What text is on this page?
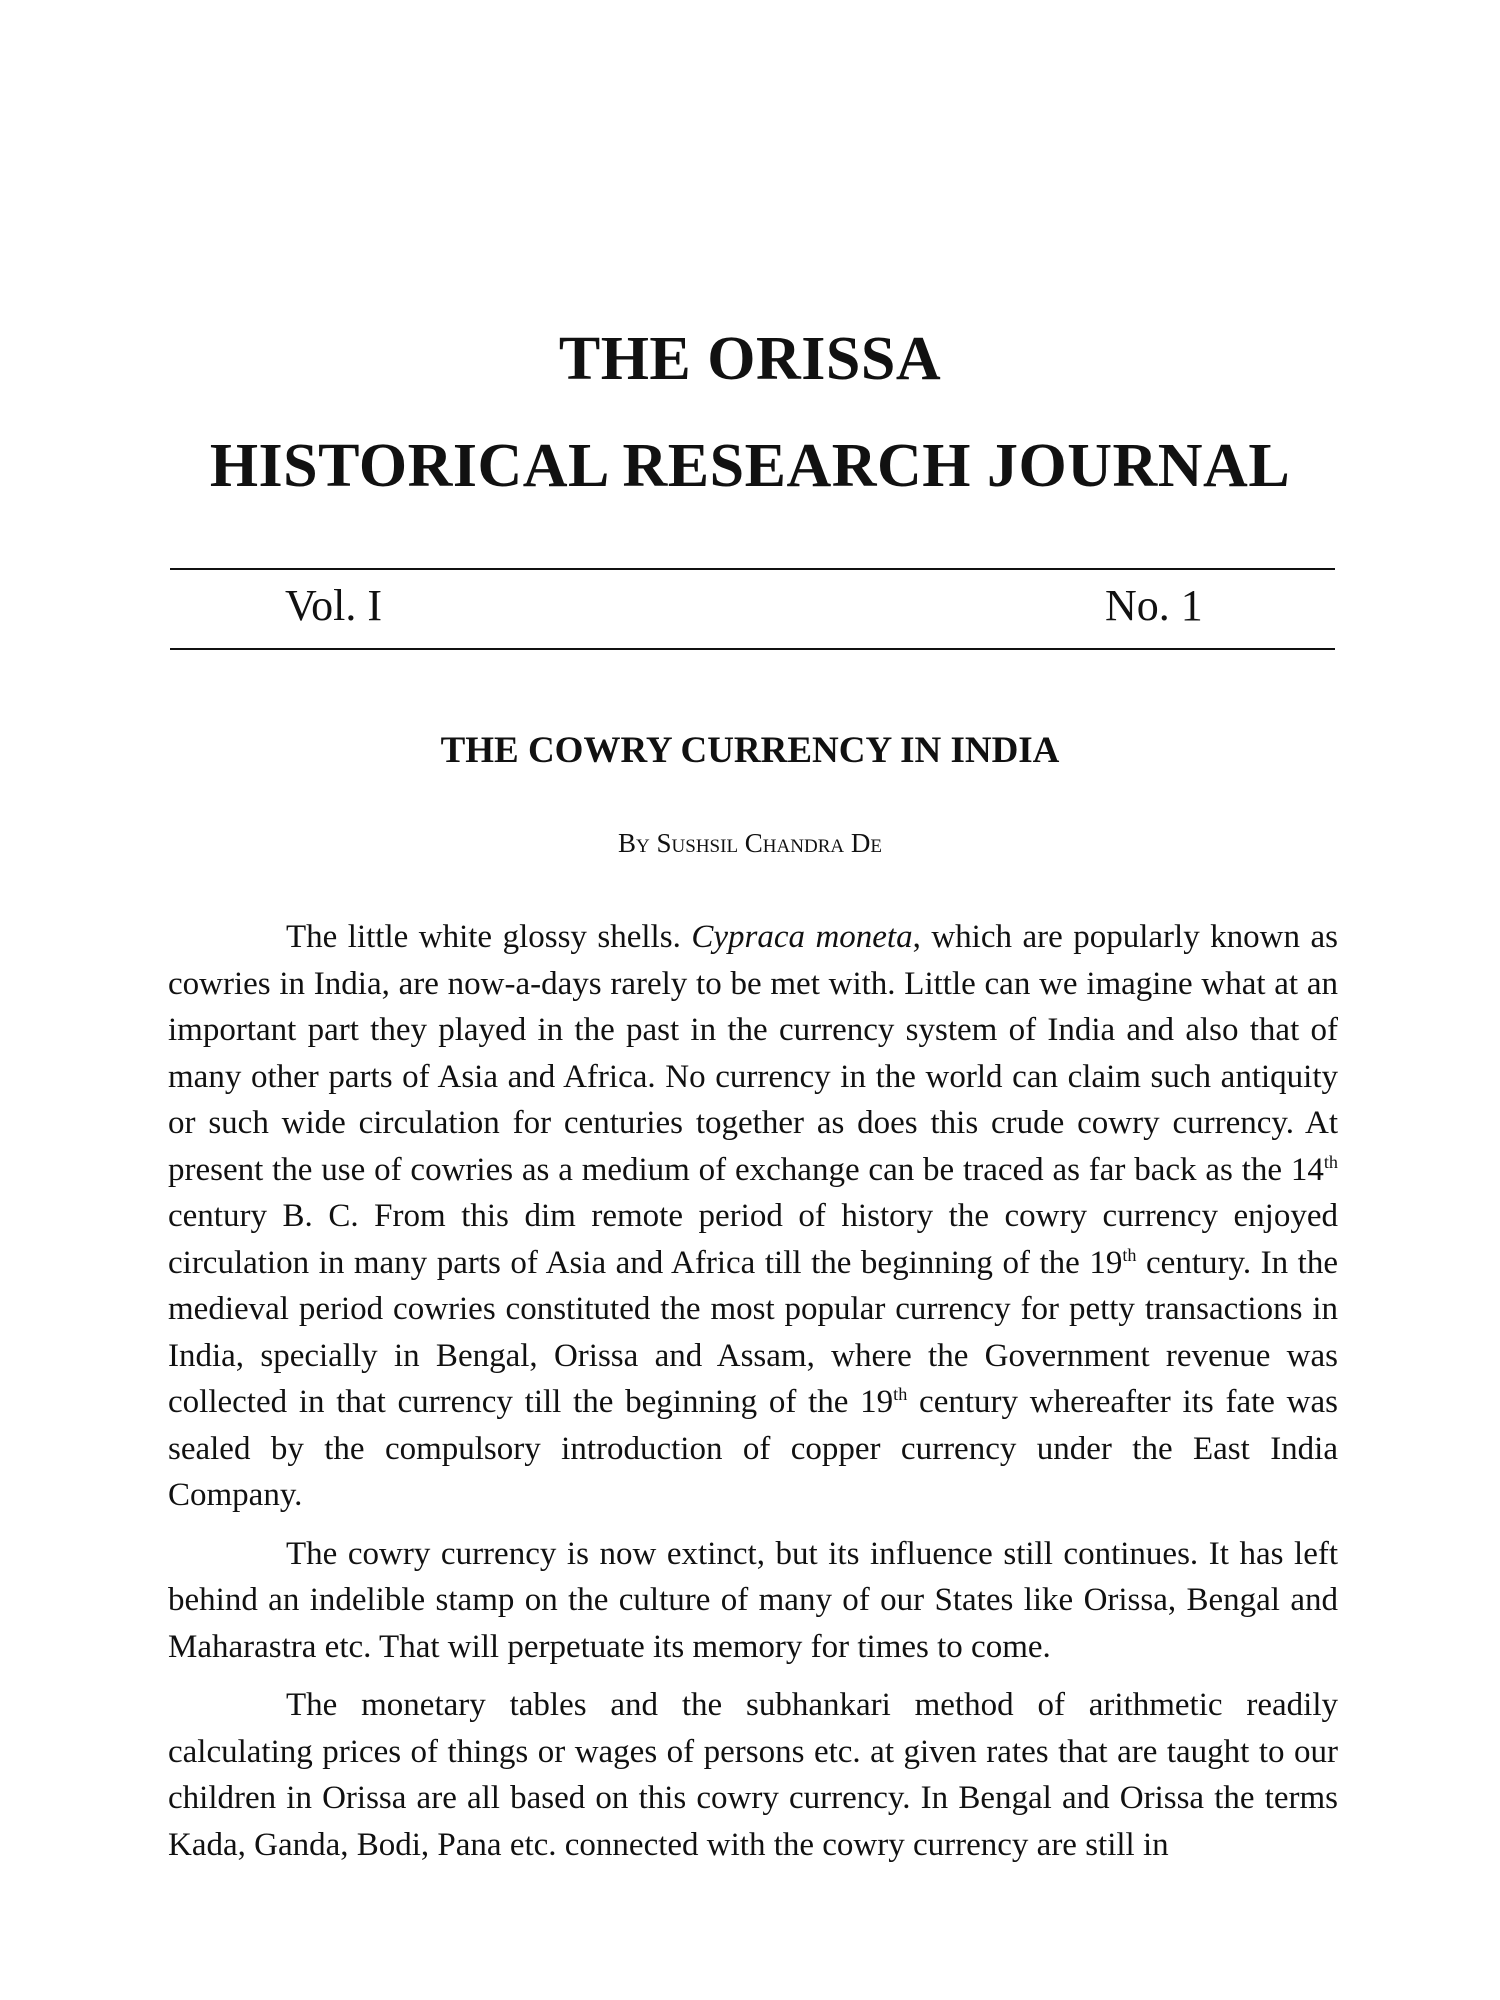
THE ORISSA
HISTORICAL RESEARCH JOURNAL
Vol. I	No. 1
THE COWRY CURRENCY IN INDIA
By Sushsil Chandra De

The little white glossy shells. Cypraca moneta, which are popularly known as cowries in India, are now-a-days rarely to be met with. Little can we imagine what at an important part they played in the past in the currency system of India and also that of many other parts of Asia and Africa. No currency in the world can claim such antiquity or such wide circulation for centuries together as does this crude cowry currency. At present the use of cowries as a medium of exchange can be traced as far back as the 14th century B. C. From this dim remote period of history the cowry currency enjoyed circulation in many parts of Asia and Africa till the beginning of the 19th century. In the medieval period cowries constituted the most popular currency for petty transactions in India, specially in Bengal, Orissa and Assam, where the Government revenue was collected in that currency till the beginning of the 19th century whereafter its fate was sealed by the compulsory introduction of copper currency under the East India Company.

The cowry currency is now extinct, but its influence still continues. It has left behind an indelible stamp on the culture of many of our States like Orissa, Bengal and Maharastra etc. That will perpetuate its memory for times to come.

The monetary tables and the subhankari method of arithmetic readily calculating prices of things or wages of persons etc. at given rates that are taught to our children in Orissa are all based on this cowry currency. In Bengal and Orissa the terms Kada, Ganda, Bodi, Pana etc. connected with the cowry currency are still in
